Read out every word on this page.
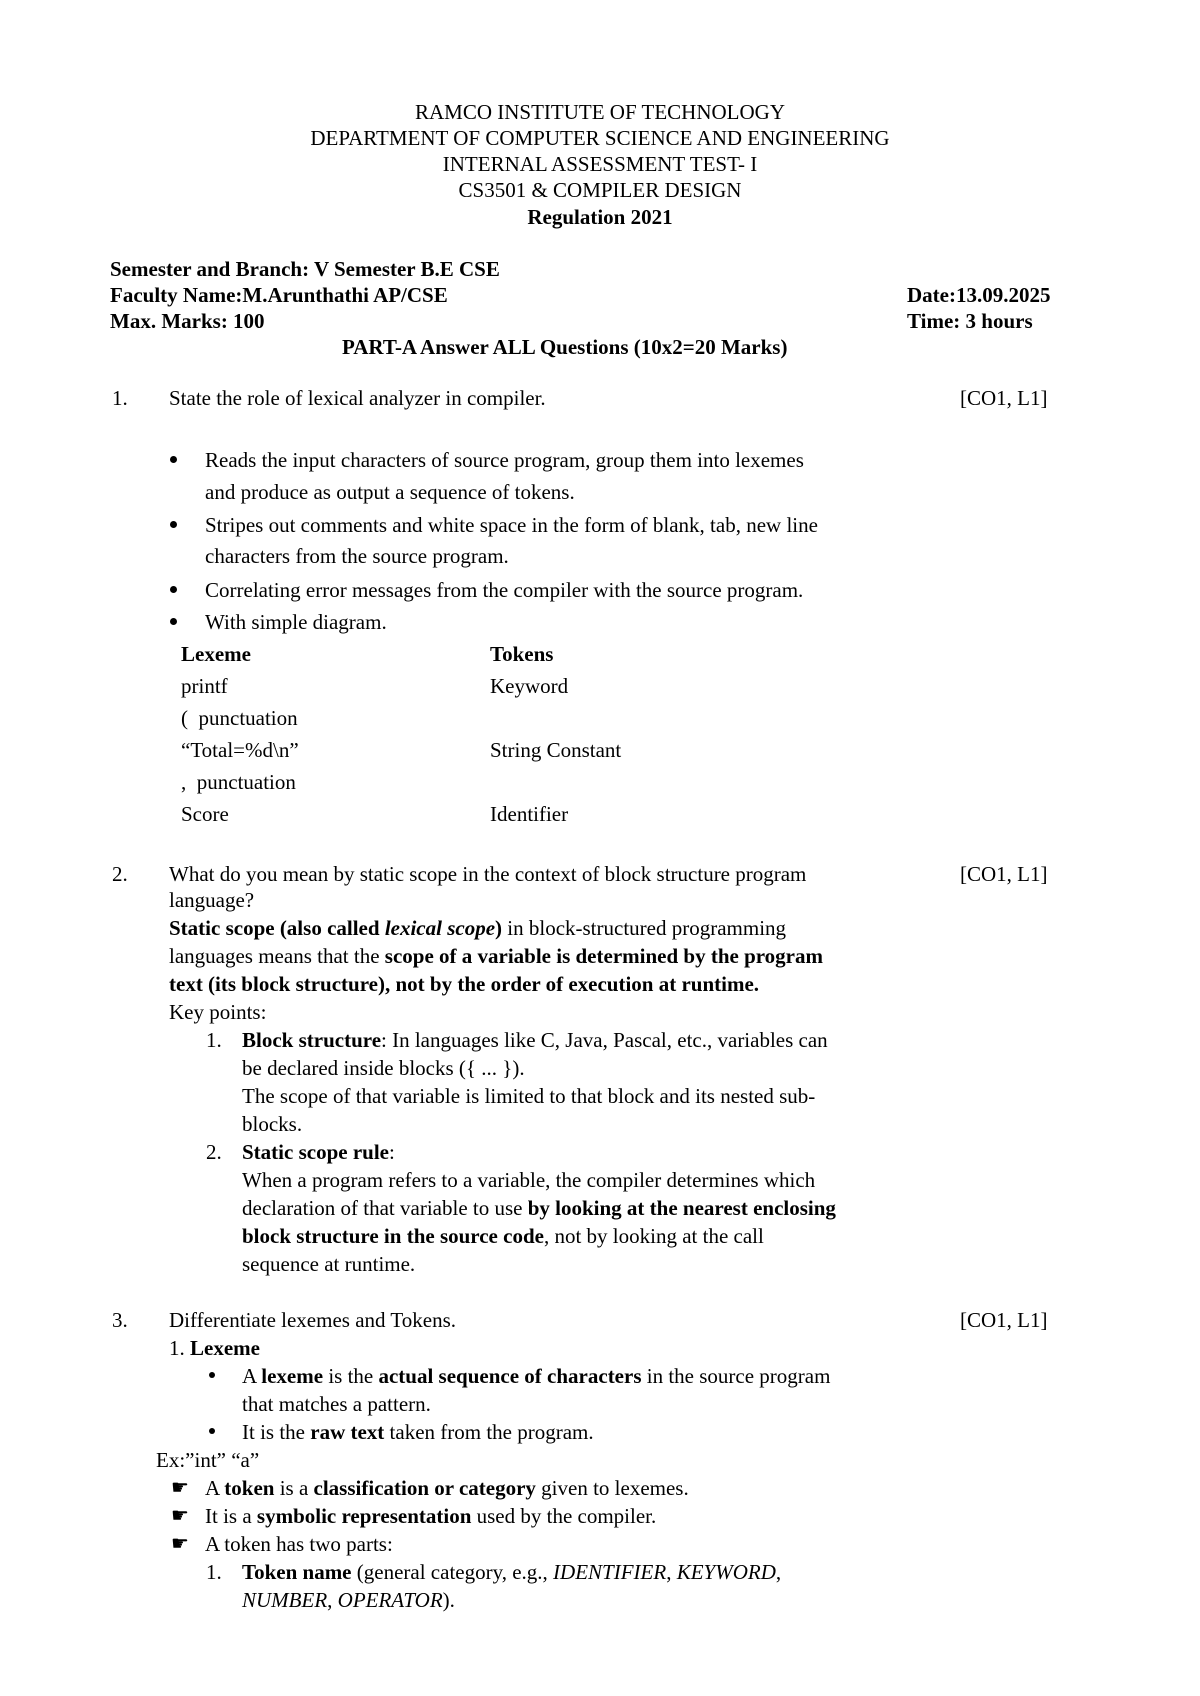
RAMCO INSTITUTE OF TECHNOLOGY
DEPARTMENT OF COMPUTER SCIENCE AND ENGINEERING
INTERNAL ASSESSMENT TEST- I
CS3501 & COMPILER DESIGN
Regulation 2021
Semester and Branch: V Semester B.E CSE
Faculty Name:M.Arunthathi AP/CSE	Date:13.09.2025
Max. Marks: 100	Time: 3 hours
PART-A Answer ALL Questions (10x2=20 Marks)
1. State the role of lexical analyzer in compiler.	[CO1, L1]
Reads the input characters of source program, group them into lexemes
and produce as output a sequence of tokens.
Stripes out comments and white space in the form of blank, tab, new line
characters from the source program.
Correlating error messages from the compiler with the source program.
With simple diagram.
Lexeme	Tokens
printf	Keyword
(  punctuation
“Total=%d\n”	String Constant
,  punctuation
Score	Identifier
2. What do you mean by static scope in the context of block structure program	[CO1, L1]
language?
Static scope (also called lexical scope) in block-structured programming
languages means that the scope of a variable is determined by the program
text (its block structure), not by the order of execution at runtime.
Key points:
1. Block structure: In languages like C, Java, Pascal, etc., variables can
be declared inside blocks ({ ... }).
The scope of that variable is limited to that block and its nested sub-
blocks.
2. Static scope rule:
When a program refers to a variable, the compiler determines which
declaration of that variable to use by looking at the nearest enclosing
block structure in the source code, not by looking at the call
sequence at runtime.
3. Differentiate lexemes and Tokens.	[CO1, L1]
1. Lexeme
A lexeme is the actual sequence of characters in the source program
that matches a pattern.
It is the raw text taken from the program.
Ex:”int” “a”
☛ A token is a classification or category given to lexemes.
☛ It is a symbolic representation used by the compiler.
☛ A token has two parts:
1. Token name (general category, e.g., IDENTIFIER, KEYWORD,
NUMBER, OPERATOR).
